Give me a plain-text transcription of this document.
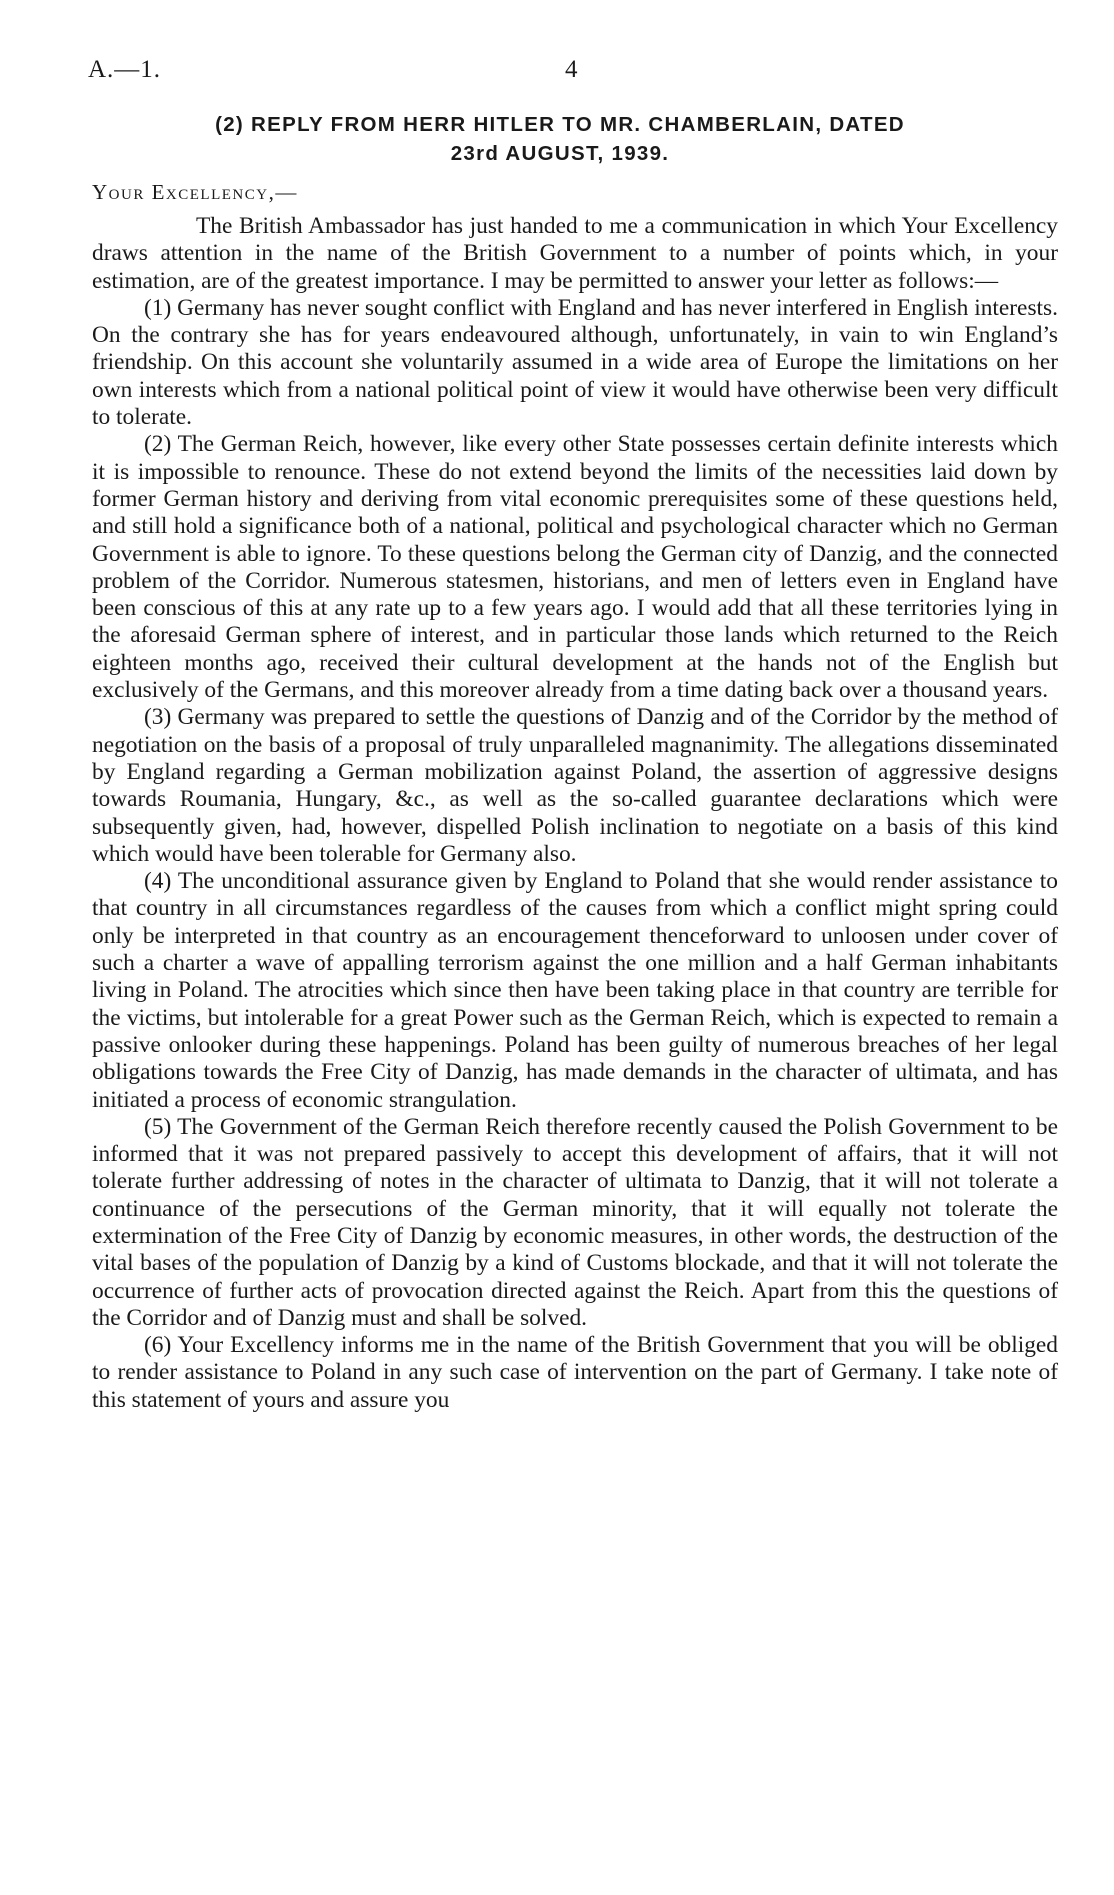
A.—1.	4
(2) REPLY FROM HERR HITLER TO MR. CHAMBERLAIN, DATED
23rd AUGUST, 1939.
Your Excellency,—

The British Ambassador has just handed to me a communication in which Your Excellency draws attention in the name of the British Government to a number of points which, in your estimation, are of the greatest importance. I may be permitted to answer your letter as follows:—

(1) Germany has never sought conflict with England and has never interfered in English interests. On the contrary she has for years endeavoured although, unfortunately, in vain to win England’s friendship. On this account she voluntarily assumed in a wide area of Europe the limitations on her own interests which from a national political point of view it would have otherwise been very difficult to tolerate.

(2) The German Reich, however, like every other State possesses certain definite interests which it is impossible to renounce. These do not extend beyond the limits of the necessities laid down by former German history and deriving from vital economic prerequisites some of these questions held, and still hold a significance both of a national, political and psychological character which no German Government is able to ignore. To these questions belong the German city of Danzig, and the connected problem of the Corridor. Numerous statesmen, historians, and men of letters even in England have been conscious of this at any rate up to a few years ago. I would add that all these territories lying in the aforesaid German sphere of interest, and in particular those lands which returned to the Reich eighteen months ago, received their cultural development at the hands not of the English but exclusively of the Germans, and this moreover already from a time dating back over a thousand years.

(3) Germany was prepared to settle the questions of Danzig and of the Corridor by the method of negotiation on the basis of a proposal of truly unparalleled magnanimity. The allegations disseminated by England regarding a German mobilization against Poland, the assertion of aggressive designs towards Roumania, Hungary, &c., as well as the so-called guarantee declarations which were subsequently given, had, however, dispelled Polish inclination to negotiate on a basis of this kind which would have been tolerable for Germany also.

(4) The unconditional assurance given by England to Poland that she would render assistance to that country in all circumstances regardless of the causes from which a conflict might spring could only be interpreted in that country as an encouragement thenceforward to unloosen under cover of such a charter a wave of appalling terrorism against the one million and a half German inhabitants living in Poland. The atrocities which since then have been taking place in that country are terrible for the victims, but intolerable for a great Power such as the German Reich, which is expected to remain a passive onlooker during these happenings. Poland has been guilty of numerous breaches of her legal obligations towards the Free City of Danzig, has made demands in the character of ultimata, and has initiated a process of economic strangulation.

(5) The Government of the German Reich therefore recently caused the Polish Government to be informed that it was not prepared passively to accept this development of affairs, that it will not tolerate further addressing of notes in the character of ultimata to Danzig, that it will not tolerate a continuance of the persecutions of the German minority, that it will equally not tolerate the extermination of the Free City of Danzig by economic measures, in other words, the destruction of the vital bases of the population of Danzig by a kind of Customs blockade, and that it will not tolerate the occurrence of further acts of provocation directed against the Reich. Apart from this the questions of the Corridor and of Danzig must and shall be solved.

(6) Your Excellency informs me in the name of the British Government that you will be obliged to render assistance to Poland in any such case of intervention on the part of Germany. I take note of this statement of yours and assure you
